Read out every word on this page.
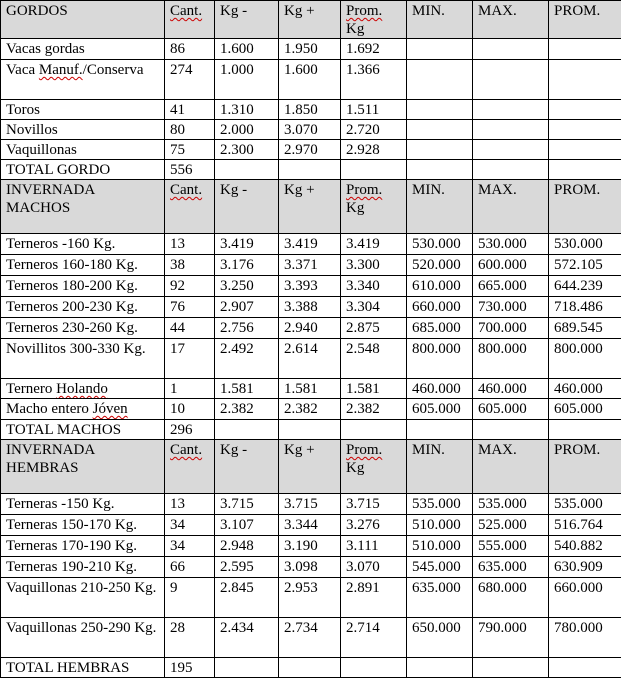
GORDOS	Cant.	Kg -	Kg +	Prom. Kg	MIN.	MAX.	PROM.
Vacas gordas	86	1.600	1.950	1.692			
Vaca Manuf./Conserva	274	1.000	1.600	1.366			
Toros	41	1.310	1.850	1.511			
Novillos	80	2.000	3.070	2.720			
Vaquillonas	75	2.300	2.970	2.928			
TOTAL GORDO	556						
INVERNADA MACHOS	Cant.	Kg -	Kg +	Prom. Kg	MIN.	MAX.	PROM.
Terneros -160 Kg.	13	3.419	3.419	3.419	530.000	530.000	530.000
Terneros 160-180 Kg.	38	3.176	3.371	3.300	520.000	600.000	572.105
Terneros 180-200 Kg.	92	3.250	3.393	3.340	610.000	665.000	644.239
Terneros 200-230 Kg.	76	2.907	3.388	3.304	660.000	730.000	718.486
Terneros 230-260 Kg.	44	2.756	2.940	2.875	685.000	700.000	689.545
Novillitos 300-330 Kg.	17	2.492	2.614	2.548	800.000	800.000	800.000
Ternero Holando	1	1.581	1.581	1.581	460.000	460.000	460.000
Macho entero Jóven	10	2.382	2.382	2.382	605.000	605.000	605.000
TOTAL MACHOS	296						
INVERNADA HEMBRAS	Cant.	Kg -	Kg +	Prom. Kg	MIN.	MAX.	PROM.
Terneras -150 Kg.	13	3.715	3.715	3.715	535.000	535.000	535.000
Terneras 150-170 Kg.	34	3.107	3.344	3.276	510.000	525.000	516.764
Terneras 170-190 Kg.	34	2.948	3.190	3.111	510.000	555.000	540.882
Terneras 190-210 Kg.	66	2.595	3.098	3.070	545.000	635.000	630.909
Vaquillonas 210-250 Kg.	9	2.845	2.953	2.891	635.000	680.000	660.000
Vaquillonas 250-290 Kg.	28	2.434	2.734	2.714	650.000	790.000	780.000
TOTAL HEMBRAS	195						
